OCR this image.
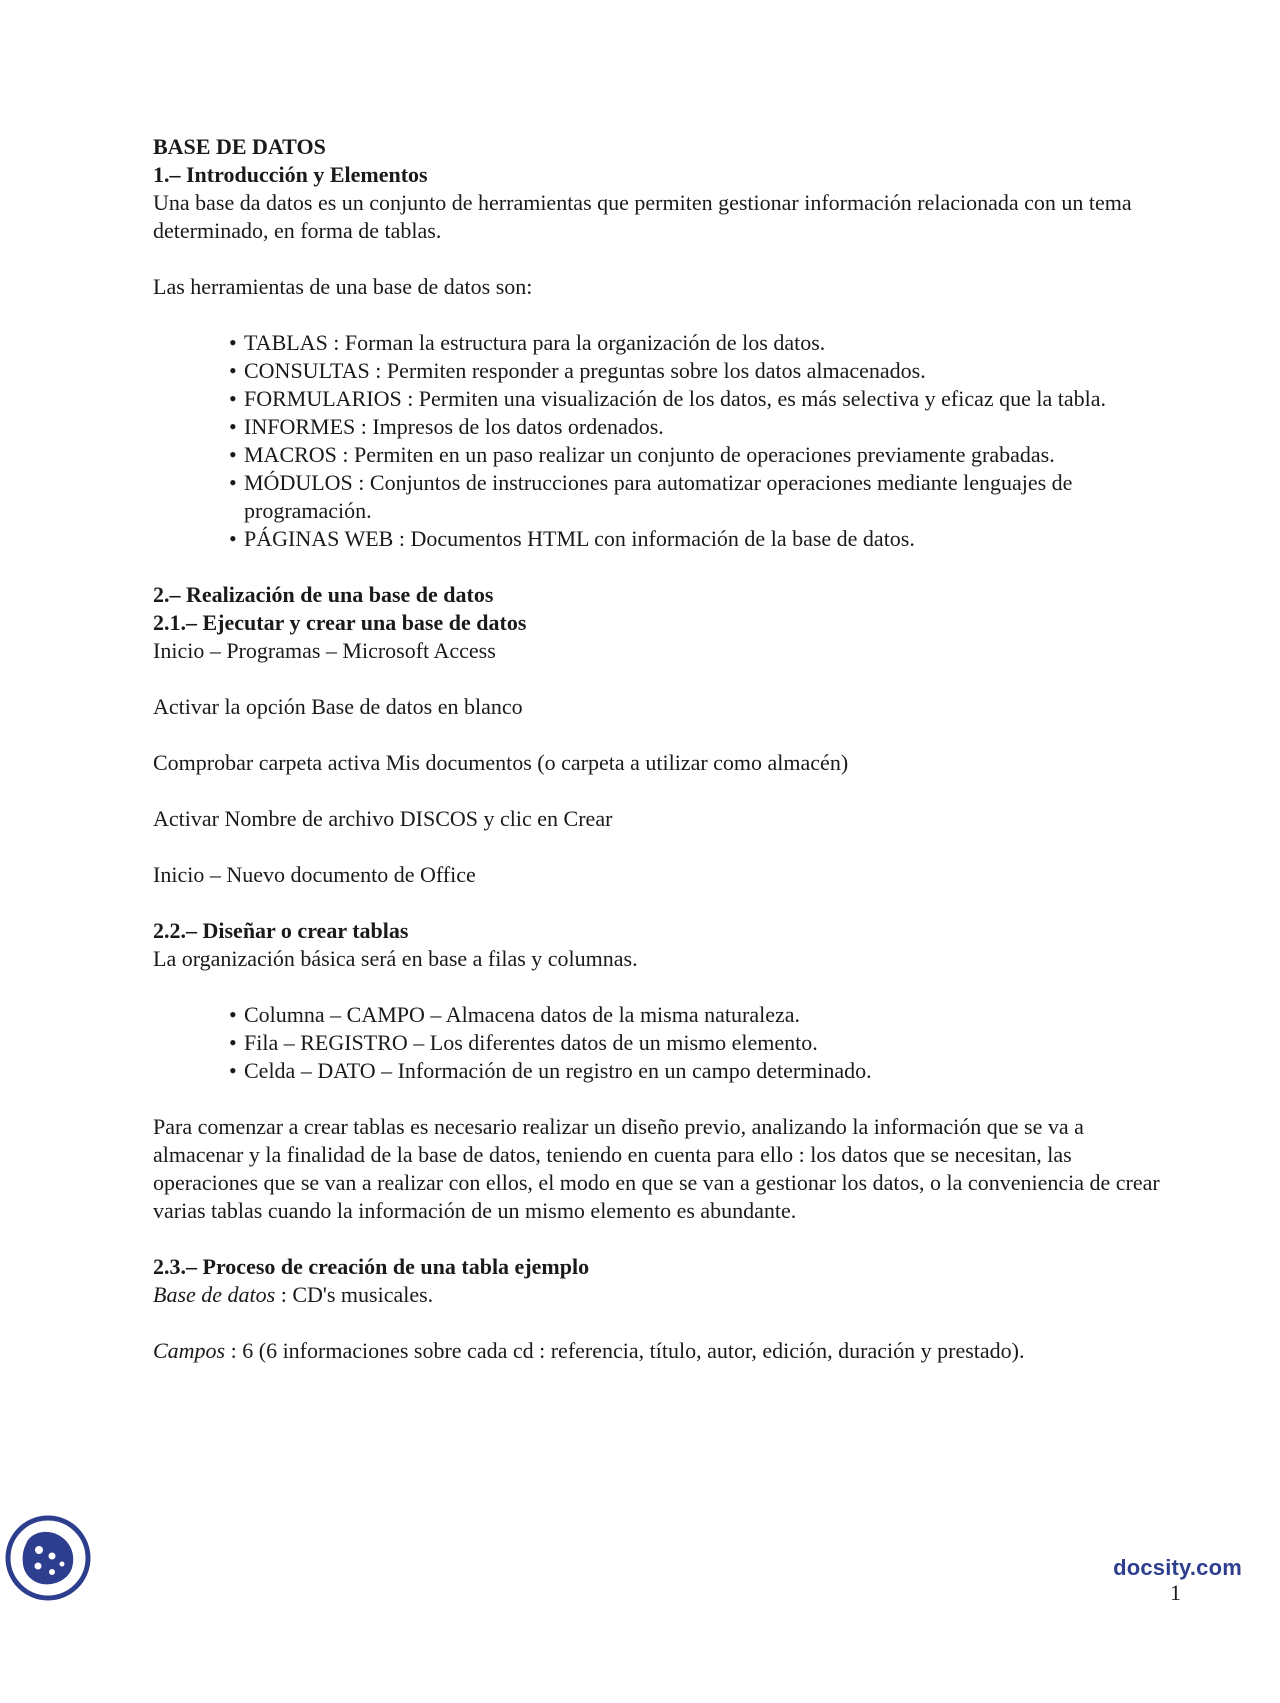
BASE DE DATOS

1.– Introducción y Elementos

Una base da datos es un conjunto de herramientas que permiten gestionar información relacionada con un tema determinado, en forma de tablas.

Las herramientas de una base de datos son:

• TABLAS : Forman la estructura para la organización de los datos.
• CONSULTAS : Permiten responder a preguntas sobre los datos almacenados.
• FORMULARIOS : Permiten una visualización de los datos, es más selectiva y eficaz que la tabla.
• INFORMES : Impresos de los datos ordenados.
• MACROS : Permiten en un paso realizar un conjunto de operaciones previamente grabadas.
• MÓDULOS : Conjuntos de instrucciones para automatizar operaciones mediante lenguajes de
programación.
• PÁGINAS WEB : Documentos HTML con información de la base de datos.

2.– Realización de una base de datos

2.1.– Ejecutar y crear una base de datos

Inicio – Programas – Microsoft Access

Activar la opción Base de datos en blanco

Comprobar carpeta activa Mis documentos (o carpeta a utilizar como almacén)

Activar Nombre de archivo DISCOS y clic en Crear

Inicio – Nuevo documento de Office

2.2.– Diseñar o crear tablas

La organización básica será en base a filas y columnas.

• Columna – CAMPO – Almacena datos de la misma naturaleza.
• Fila – REGISTRO – Los diferentes datos de un mismo elemento.
• Celda – DATO – Información de un registro en un campo determinado.

Para comenzar a crear tablas es necesario realizar un diseño previo, analizando la información que se va a almacenar y la finalidad de la base de datos, teniendo en cuenta para ello : los datos que se necesitan, las operaciones que se van a realizar con ellos, el modo en que se van a gestionar los datos, o la conveniencia de crear varias tablas cuando la información de un mismo elemento es abundante.

2.3.– Proceso de creación de una tabla ejemplo

Base de datos : CD's musicales.

Campos : 6 (6 informaciones sobre cada cd : referencia, título, autor, edición, duración y prestado).

docsity.com
1
